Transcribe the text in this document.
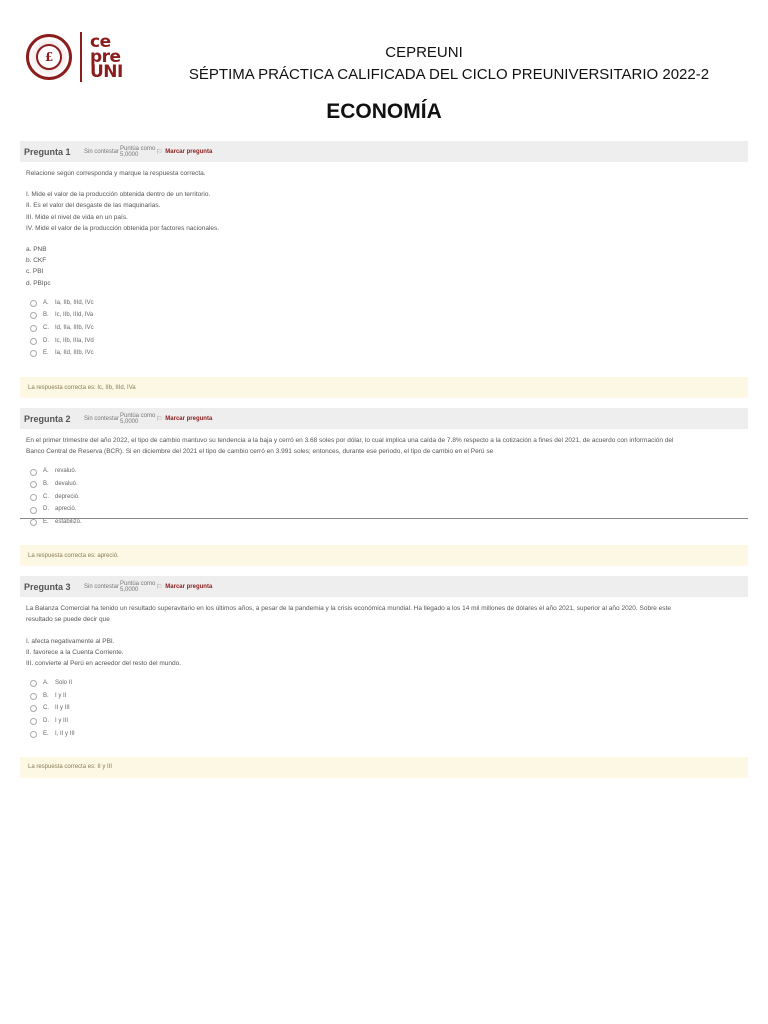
£
ce
pre
UNI
CEPREUNI
SÉPTIMA PRÁCTICA CALIFICADA DEL CICLO PREUNIVERSITARIO 2022-2
ECONOMÍA
Pregunta 1	Sin contestar Puntúa como 5,0000	⚐ Marcar pregunta
Relacione según corresponda y marque la respuesta correcta.
I. Mide el valor de la producción obtenida dentro de un territorio.
II. Es el valor del desgaste de las maquinarias.
III. Mide el nivel de vida en un país.
IV. Mide el valor de la producción obtenida por factores nacionales.
a. PNB
b. CKF
c. PBI
d. PBIpc
A.	Ia, IIb, IIId, IVc
B.	Ic, IIb, IIId, IVa
C.	Id, IIa, IIIb, IVc
D.	Ic, IIb, IIIa, IVd
E.	Ia, IId, IIIb, IVc
La respuesta correcta es: Ic, IIb, IIId, IVa
Pregunta 2	Sin contestar Puntúa como 5,0000	⚐ Marcar pregunta
En el primer trimestre del año 2022, el tipo de cambio mantuvo su tendencia a la baja y cerró en 3.68 soles por dólar, lo cual implica una caída de 7.8% respecto a la cotización a fines del 2021, de acuerdo con información del
Banco Central de Reserva (BCR). Si en diciembre del 2021 el tipo de cambio cerró en 3.991 soles; entonces, durante ese periodo, el tipo de cambio en el Perú se
A.	revaluó.
B.	devaluó.
C.	depreció.
D.	apreció.
E.	estabilizó.
La respuesta correcta es: apreció.
Pregunta 3	Sin contestar Puntúa como 5,0000	⚐ Marcar pregunta
La Balanza Comercial ha tenido un resultado superavitario en los últimos años, a pesar de la pandemia y la crisis económica mundial. Ha llegado a los 14 mil millones de dólares el año 2021, superior al año 2020. Sobre este
resultado se puede decir que
I. afecta negativamente al PBI.
II. favorece a la Cuenta Corriente.
III. convierte al Perú en acreedor del resto del mundo.
A.	Solo II
B.	I y II
C.	II y III
D.	I y III
E.	I, II y III
La respuesta correcta es: II y III
